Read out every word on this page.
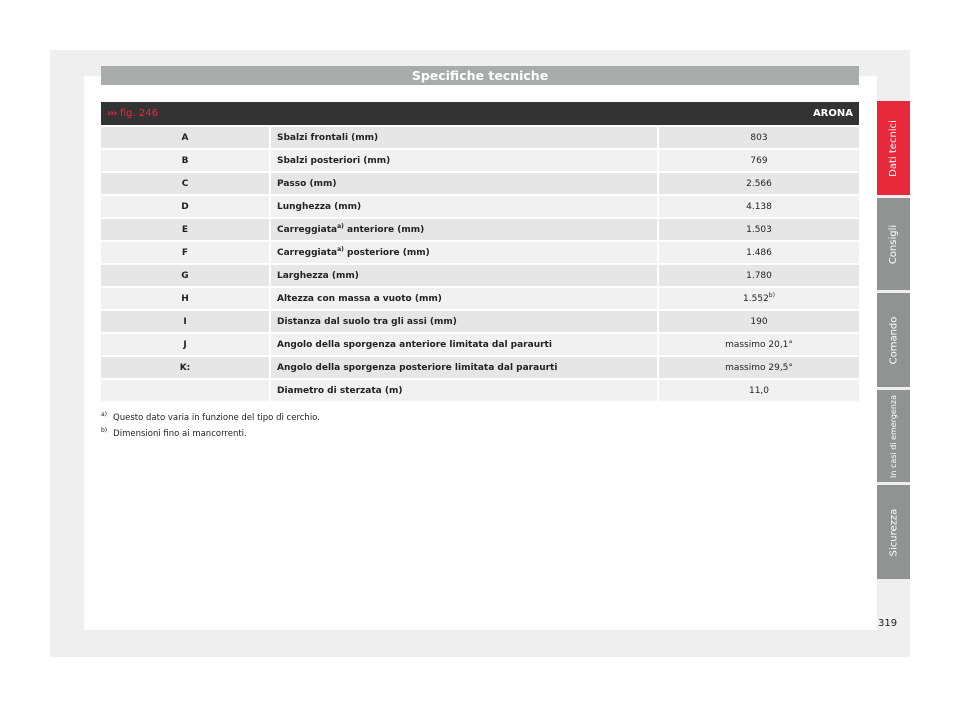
Specifiche tecniche
››› fig. 246		ARONA
A	Sbalzi frontali (mm)	803
B	Sbalzi posteriori (mm)	769
C	Passo (mm)	2.566
D	Lunghezza (mm)	4.138
E	Carreggiata$^{a)}$ anteriore (mm)	1.503
F	Carreggiata$^{a)}$ posteriore (mm)	1.486
G	Larghezza (mm)	1.780
H	Altezza con massa a vuoto (mm)	1.552$^{b)}$
I	Distanza dal suolo tra gli assi (mm)	190
J	Angolo della sporgenza anteriore limitata dal paraurti	massimo 20,1°
K:	Angolo della sporgenza posteriore limitata dal paraurti	massimo 29,5°
	Diametro di sterzata (m)	11,0
$^{a)}$ Questo dato varia in funzione del tipo di cerchio.
$^{b)}$ Dimensioni fino ai mancorrenti.
Dati tecnici
Consigli
Comando
In casi di emergenza
Sicurezza
319
